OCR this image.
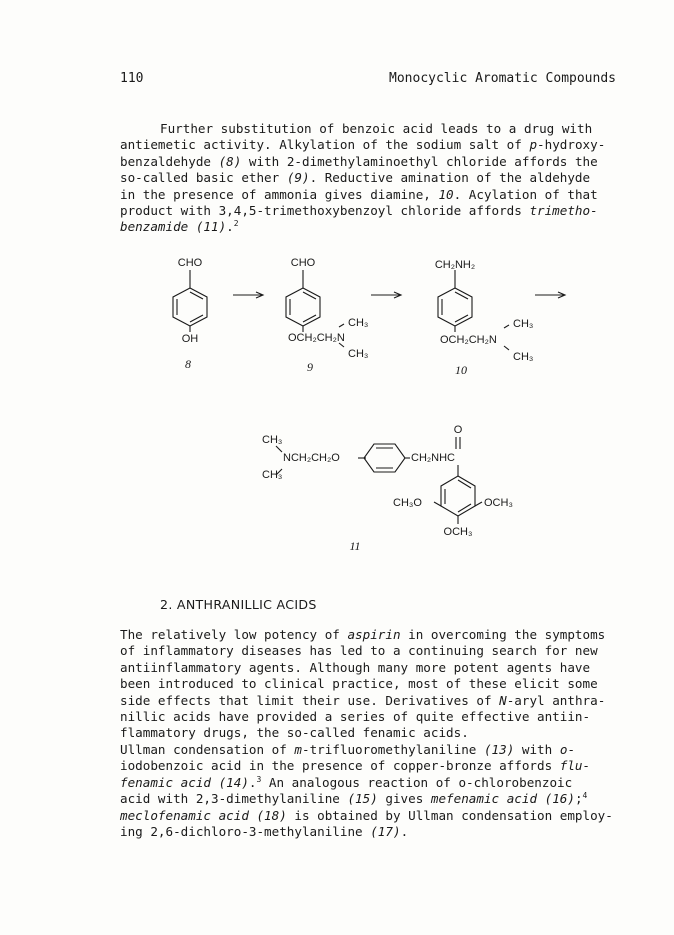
110	Monocyclic Aromatic Compounds

Further substitution of benzoic acid leads to a drug with
antiemetic activity. Alkylation of the sodium salt of p-hydroxy-
benzaldehyde (8) with 2-dimethylaminoethyl chloride affords the
so-called basic ether (9). Reductive amination of the aldehyde
in the presence of ammonia gives diamine, 10. Acylation of that
product with 3,4,5-trimethoxybenzoyl chloride affords trimetho-
benzamide (11).$^2$

CHO
OH
8
CHO
CH₃
OCH₂CH₂N
CH₃
9
CH₂NH₂
CH₃
OCH₂CH₂N
CH₃
10
CH₃
NCH₂CH₂O
CH₃
CH₂NHC
O
CH₃O	OCH₃
OCH₃
11
2. ANTHRANILLIC ACIDS

The relatively low potency of aspirin in overcoming the symptoms
of inflammatory diseases has led to a continuing search for new
antiinflammatory agents. Although many more potent agents have
been introduced to clinical practice, most of these elicit some
side effects that limit their use. Derivatives of N-aryl anthra-
nillic acids have provided a series of quite effective antiin-
flammatory drugs, the so-called fenamic acids.

Ullman condensation of m-trifluoromethylaniline (13) with o-
iodobenzoic acid in the presence of copper-bronze affords flu-
fenamic acid (14).$^3$ An analogous reaction of o-chlorobenzoic
acid with 2,3-dimethylaniline (15) gives mefenamic acid (16);$^4$
meclofenamic acid (18) is obtained by Ullman condensation employ-
ing 2,6-dichloro-3-methylaniline (17).
